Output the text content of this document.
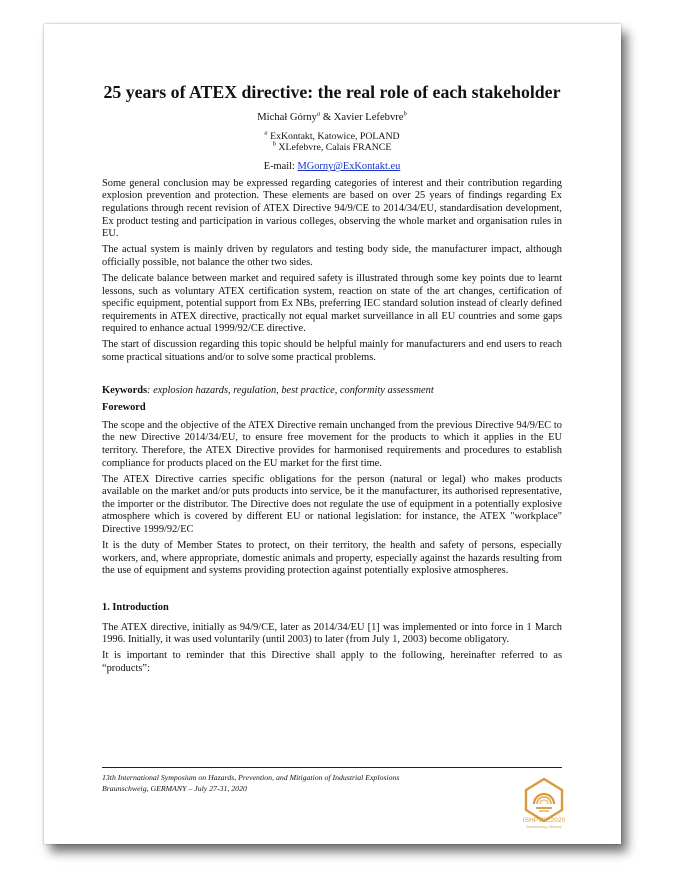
25 years of ATEX directive: the real role of each stakeholder
Michał Górny$^a$ & Xavier Lefebvre$^b$
$^a$ ExKontakt, Katowice, POLAND
$^b$ XLefebvre, Calais FRANCE
E-mail: MGorny@ExKontakt.eu

Some general conclusion may be expressed regarding categories of interest and their contribution regarding explosion prevention and protection. These elements are based on over 25 years of findings regarding Ex regulations through recent revision of ATEX Directive 94/9/CE to 2014/34/EU, standardisation development, Ex product testing and participation in various colleges, observing the whole market and organisation rules in EU.

The actual system is mainly driven by regulators and testing body side, the manufacturer impact, although officially possible, not balance the other two sides.

The delicate balance between market and required safety is illustrated through some key points due to learnt lessons, such as voluntary ATEX certification system, reaction on state of the art changes, certification of specific equipment, potential support from Ex NBs, preferring IEC standard solution instead of clearly defined requirements in ATEX directive, practically not equal market surveillance in all EU countries and some gaps required to enhance actual 1999/92/CE directive.

The start of discussion regarding this topic should be helpful mainly for manufacturers and end users to reach some practical situations and/or to solve some practical problems.

Keywords: explosion hazards, regulation, best practice, conformity assessment
Foreword

The scope and the objective of the ATEX Directive remain unchanged from the previous Directive 94/9/EC to the new Directive 2014/34/EU, to ensure free movement for the products to which it applies in the EU territory. Therefore, the ATEX Directive provides for harmonised requirements and procedures to establish compliance for products placed on the EU market for the first time.

The ATEX Directive carries specific obligations for the person (natural or legal) who makes products available on the market and/or puts products into service, be it the manufacturer, its authorised representative, the importer or the distributor. The Directive does not regulate the use of equipment in a potentially explosive atmosphere which is covered by different EU or national legislation: for instance, the ATEX "workplace" Directive 1999/92/EC

It is the duty of Member States to protect, on their territory, the health and safety of persons, especially workers, and, where appropriate, domestic animals and property, especially against the hazards resulting from the use of equipment and systems providing protection against potentially explosive atmospheres.

1. Introduction

The ATEX directive, initially as 94/9/CE, later as 2014/34/EU [1] was implemented or into force in 1 March 1996. Initially, it was used voluntarily (until 2003) to later (from July 1, 2003) become obligatory.

It is important to reminder that this Directive shall apply to the following, hereinafter referred to as “products”:

13th International Symposium on Hazards, Prevention, and Mitigation of Industrial Explosions
Braunschweig, GERMANY – July 27-31, 2020
ISHPMIE2020
Braunschweig, Germany
